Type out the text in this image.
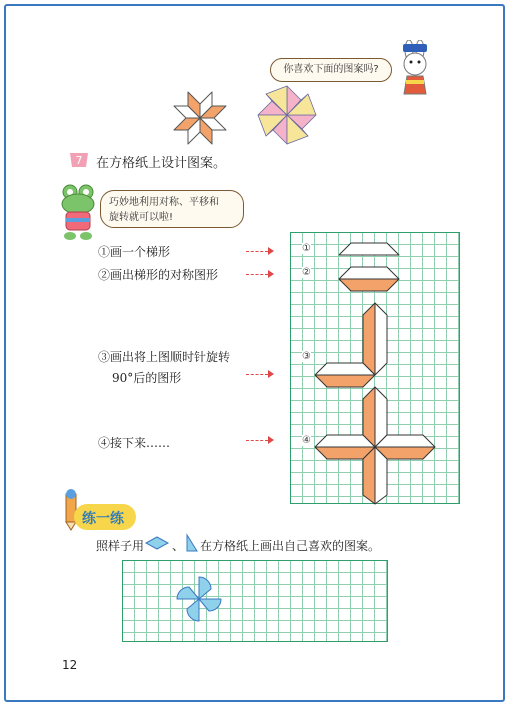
你喜欢下面的图案吗?
7 在方格纸上设计图案。
巧妙地利用对称、平移和
旋转就可以啦!
①画一个梯形
②画出梯形的对称图形
③画出将上图顺时针旋转
90°后的图形
④接下来……
①
②
③
④
练一练
照样子用 、 在方格纸上画出自己喜欢的图案。
12
